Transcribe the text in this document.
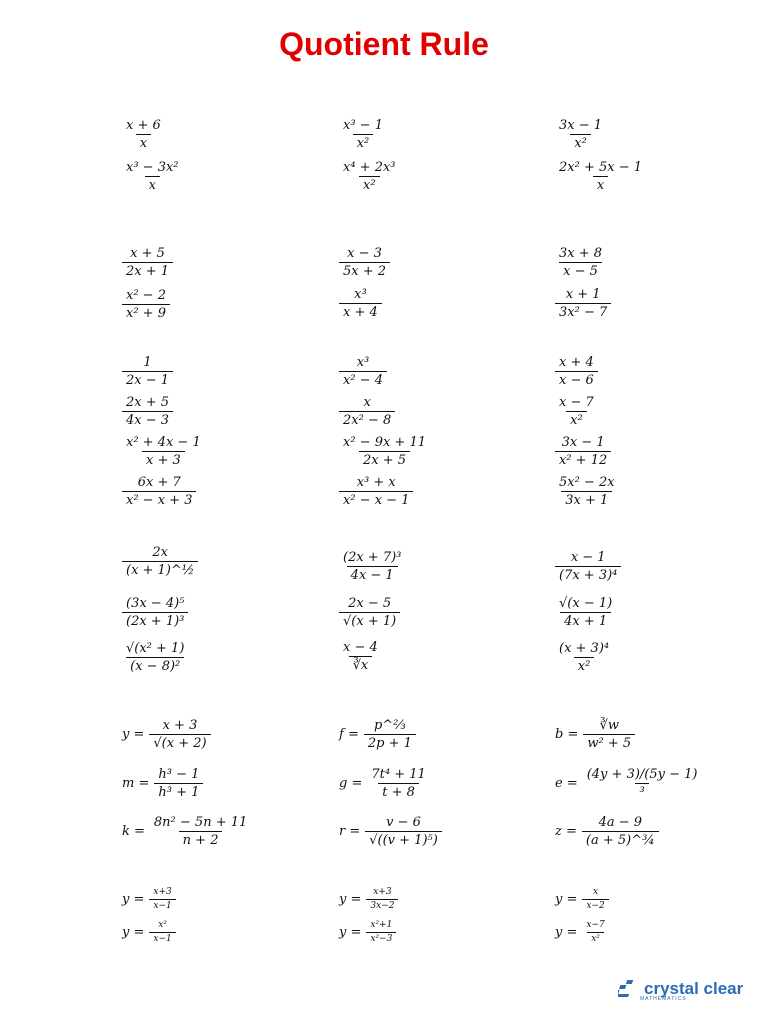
Quotient Rule
$\frac{x + 6}{x}$
$\frac{\text{x³ − 3x²}}{x}$
$\frac{x + 5}{2x + 1}$
$\frac{\text{x² − 2}}{\text{x² + 9}}$
$\frac{1}{2x - 1}$
$\frac{2x + 5}{4x - 3}$
$\frac{\text{x² + 4x − 1}}{x + 3}$
$\frac{6x + 7}{\text{x² − x + 3}}$
$\frac{2x}{\text{(x + 1)\textasciicircum{}½}}$
$\frac{\text{(3x − 4)⁵}}{\text{(2x + 1)³}}$
$\frac{\text{√(x² + 1)}}{\text{(x − 8)²}}$
$y = \frac{x + 3}{√(x + 2)}$
$m = \frac{\text{h³ − 1}}{\text{h³ + 1}}$
$k = \frac{\text{8n² − 5n + 11}}{n + 2}$
$y = \frac{x+3}{x-1}$
$y = \frac{\text{x²}}{x-1}$
$\frac{\text{x³ − 1}}{\text{x²}}$
$\frac{\text{x⁴ + 2x³}}{\text{x²}}$
$\frac{x - 3}{5x + 2}$
$\frac{\text{x³}}{x + 4}$
$\frac{\text{x³}}{\text{x² − 4}}$
$\frac{x}{\text{2x² − 8}}$
$\frac{\text{x² − 9x + 11}}{2x + 5}$
$\frac{\text{x³ + x}}{\text{x² − x − 1}}$
$\frac{\text{(2x + 7)³}}{4x - 1}$
$\frac{2x - 5}{√(x + 1)}$
$\frac{x - 4}{∛x}$
$f = \frac{\text{p\textasciicircum{}⅔}}{2p + 1}$
$g = \frac{\text{7t⁴ + 11}}{t + 8}$
$r = \frac{v - 6}{\text{√((v + 1)⁵)}}$
$y = \frac{x+3}{3x-2}$
$y = \frac{\text{x²+1}}{\text{x²−3}}$
$\frac{3x - 1}{\text{x²}}$
$\frac{\text{2x² + 5x − 1}}{x}$
$\frac{3x + 8}{x - 5}$
$\frac{x + 1}{\text{3x² − 7}}$
$\frac{x + 4}{x - 6}$
$\frac{x - 7}{\text{x²}}$
$\frac{3x - 1}{\text{x² + 12}}$
$\frac{\text{5x² − 2x}}{3x + 1}$
$\frac{x - 1}{\text{(7x + 3)⁴}}$
$\frac{√(x - 1)}{4x + 1}$
$\frac{\text{(x + 3)⁴}}{\text{x²}}$
$b = \frac{∛w}{\text{w² + 5}}$
$e = \frac{(4y + 3)/(5y - 1)}{\text{³}}$
$z = \frac{4a - 9}{\text{(a + 5)\textasciicircum{}¾}}$
$y = \frac{x}{x-2}$
$y = \frac{x-7}{\text{x²}}$
crystal clear
MATHEMATICS
